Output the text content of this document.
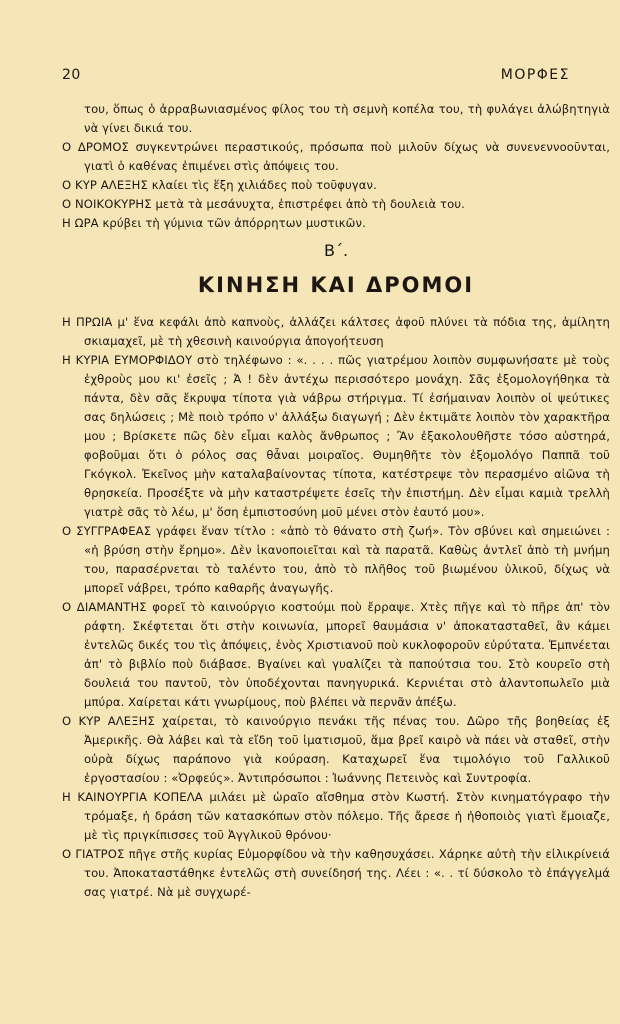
20	ΜΟΡΦΕΣ

του, ὅπως ὁ ἀρραβωνιασμένος φίλος του τὴ σεμνὴ κοπέλα του, τὴ φυλάγει ἀλώβητηγιὰ νὰ γίνει δικιά του.

Ο ΔΡΟΜΟΣ συγκεντρώνει περαστικούς, πρόσωπα ποὺ μιλοῦν δίχως νὰ συνενεννοοῦνται, γιατὶ ὁ καθένας ἐπιμένει στὶς ἀπόψεις του.

Ο ΚΥΡ ΑΛΕΞΗΣ κλαίει τὶς ἕξη χιλιάδες ποὺ τοῦφυγαν.

Ο ΝΟΙΚΟΚΥΡΗΣ μετὰ τὰ μεσάνυχτα, ἐπιστρέφει ἀπὸ τὴ δουλειὰ του.

Η ΩΡΑ κρύβει τὴ γύμνια τῶν ἀπόρρητων μυστικῶν.

Β΄.
ΚΙΝΗΣΗ ΚΑΙ ΔΡΟΜΟΙ

Η ΠΡΩΙΑ μ' ἕνα κεφάλι ἀπὸ καπνοὺς, ἀλλάζει κάλτσες ἀφοῦ πλύνει τὰ πόδια της, ἀμίλητη σκιαμαχεῖ, μὲ τὴ χθεσινὴ καινούργια ἀπογοήτευση

Η ΚΥΡΙΑ ΕΥΜΟΡΦΙΔΟΥ στὸ τηλέφωνο : «. . . . πῶς γιατρέμου λοιπὸν συμφωνήσατε μὲ τοὺς ἐχθροὺς μου κι' ἐσεῖς ; Ἀ ! δὲν ἀντέχω περισσότερο μονάχη. Σᾶς ἐξομολογήθηκα τὰ πάντα, δὲν σᾶς ἔκρυψα τίποτα γιὰ νάβρω στήριγμα. Τί ἐσήμαιναν λοιπὸν οἱ ψεύτικες σας δηλώσεις ; Μὲ ποιὸ τρόπο ν' ἀλλάξω διαγωγή ; Δὲν ἐκτιμᾶτε λοιπὸν τὸν χαρακτῆρα μου ; Βρίσκετε πῶς δὲν εἶμαι καλὸς ἄνθρωπος ; Ἂν ἐξακολουθῆστε τόσο αὐστηρά, φοβοῦμαι ὅτι ὁ ρόλος σας θἆναι μοιραῖος. Θυμηθῆτε τὸν ἐξομολόγο Παππᾶ τοῦ Γκόγκολ. Ἐκεῖνος μὴν καταλαβαίνοντας τίποτα, κατέστρεψε τὸν περασμένο αἰῶνα τὴ θρησκεία. Προσέξτε νὰ μὴν καταστρέψετε ἐσεῖς τὴν ἐπιστήμη. Δὲν εἶμαι καμιὰ τρελλὴ γιατρὲ σᾶς τὸ λέω, μ' ὅση ἐμπιστοσύνη μοῦ μένει στὸν ἑαυτό μου».

Ο ΣΥΓΓΡΑΦΕΑΣ γράφει ἕναν τίτλο : «ἀπὸ τὸ θάνατο στὴ ζωή». Τὸν σβύνει καὶ σημειώνει : «ἡ βρύση στὴν ἔρημο». Δὲν ἱκανοποιεῖται καὶ τὰ παρατᾶ. Καθὼς ἀντλεῖ ἀπὸ τὴ μνήμη του, παρασέρνεται τὸ ταλέντο του, ἀπὸ τὸ πλῆθος τοῦ βιωμένου ὑλικοῦ, δίχως νὰ μπορεῖ νάβρει, τρόπο καθαρῆς ἀναγωγῆς.

Ο ΔΙΑΜΑΝΤΗΣ φορεῖ τὸ καινούργιο κοστούμι ποὺ ἔρραψε. Χτὲς πῆγε καὶ τὸ πῆρε ἀπ' τὸν ράφτη. Σκέφτεται ὅτι στὴν κοινωνία, μπορεῖ θαυμάσια ν' ἀποκατασταθεῖ, ἂν κάμει ἐντελῶς δικές του τὶς ἀπόψεις, ἑνὸς Χριστιανοῦ ποὺ κυκλοφοροῦν εὐρύτατα. Ἐμπνέεται ἀπ' τὸ βιβλίο ποὺ διάβασε. Βγαίνει καὶ γυαλίζει τὰ παπούτσια του. Στὸ κουρεῖο στὴ δουλειά του παντοῦ, τὸν ὑποδέχονται πανηγυρικά. Κερνιέται στὸ ἀλαντοπωλεῖο μιὰ μπύρα. Χαίρεται κάτι γνωρίμους, ποὺ βλέπει νὰ περνᾶν ἀπέξω.

Ο ΚΥΡ ΑΛΕΞΗΣ χαίρεται, τὸ καινούργιο πενάκι τῆς πένας του. Δῶρο τῆς βοηθείας ἐξ Ἀμερικῆς. Θὰ λάβει καὶ τὰ εἴδη τοῦ ἱματισμοῦ, ἅμα βρεῖ καιρὸ νὰ πάει νὰ σταθεῖ, στὴν οὐρὰ δίχως παράπονο γιὰ κούραση. Καταχωρεῖ ἕνα τιμολόγιο τοῦ Γαλλικοῦ ἐργοστασίου : «Ὀρφεύς». Ἀντιπρόσωποι : Ἰωάννης Πετεινὸς καὶ Συντροφία.

Η ΚΑΙΝΟΥΡΓΙΑ ΚΟΠΕΛΑ μιλάει μὲ ὡραῖο αἴσθημα στὸν Κωστή. Στὸν κινηματόγραφο τὴν τρόμαξε, ἡ δράση τῶν κατασκόπων στὸν πόλεμο. Τῆς ἄρεσε ἡ ἠθοποιὸς γιατὶ ἔμοιαζε, μὲ τὶς πριγκίπισσες τοῦ Ἀγγλικοῦ θρόνου·

Ο ΓΙΑΤΡΟΣ πῆγε στῆς κυρίας Εὐμορφίδου νὰ τὴν καθησυχάσει. Χάρηκε αὐτὴ τὴν εἰλικρίνειά του. Ἀποκαταστάθηκε ἐντελῶς στὴ συνείδησή της. Λέει : «. . τί δύσκολο τὸ ἐπάγγελμά σας γιατρέ. Νὰ μὲ συγχωρέ-
